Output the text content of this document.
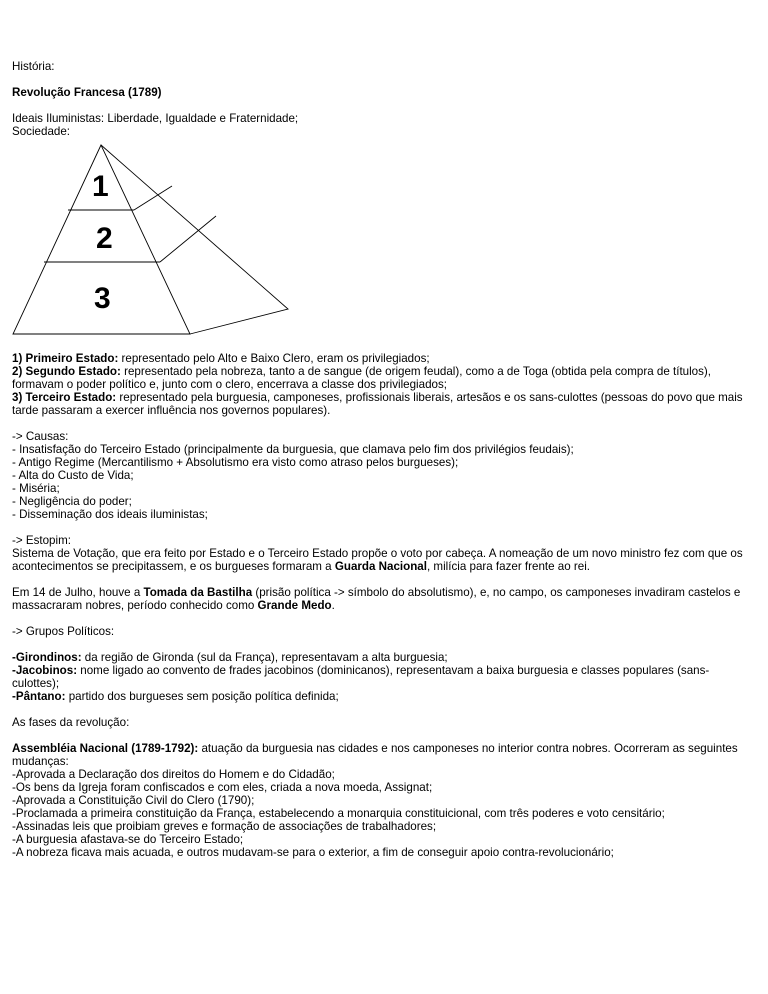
História:

Revolução Francesa (1789)

Ideais Iluministas: Liberdade, Igualdade e Fraternidade;

Sociedade:

1
2
3

1) Primeiro Estado: representado pelo Alto e Baixo Clero, eram os privilegiados;

2) Segundo Estado: representado pela nobreza, tanto a de sangue (de origem feudal), como a de Toga (obtida pela compra de títulos), formavam o poder político e, junto com o clero, encerrava a classe dos privilegiados;

3) Terceiro Estado: representado pela burguesia, camponeses, profissionais liberais, artesãos e os sans-culottes (pessoas do povo que mais tarde passaram a exercer influência nos governos populares).

-> Causas:

- Insatisfação do Terceiro Estado (principalmente da burguesia, que clamava pelo fim dos privilégios feudais);

- Antigo Regime (Mercantilismo + Absolutismo era visto como atraso pelos burgueses);

- Alta do Custo de Vida;

- Miséria;

- Negligência do poder;

- Disseminação dos ideais iluministas;

-> Estopim:

Sistema de Votação, que era feito por Estado e o Terceiro Estado propõe o voto por cabeça. A nomeação de um novo ministro fez com que os acontecimentos se precipitassem, e os burgueses formaram a Guarda Nacional, milícia para fazer frente ao rei.

Em 14 de Julho, houve a Tomada da Bastilha (prisão política -> símbolo do absolutismo), e, no campo, os camponeses invadiram castelos e massacraram nobres, período conhecido como Grande Medo.

-> Grupos Políticos:

-Girondinos: da região de Gironda (sul da França), representavam a alta burguesia;

-Jacobinos: nome ligado ao convento de frades jacobinos (dominicanos), representavam a baixa burguesia e classes populares (sans-culottes);

-Pântano: partido dos burgueses sem posição política definida;

As fases da revolução:

Assembléia Nacional (1789-1792): atuação da burguesia nas cidades e nos camponeses no interior contra nobres. Ocorreram as seguintes mudanças:

-Aprovada a Declaração dos direitos do Homem e do Cidadão;

-Os bens da Igreja foram confiscados e com eles, criada a nova moeda, Assignat;

-Aprovada a Constituição Civil do Clero (1790);

-Proclamada a primeira constituição da França, estabelecendo a monarquia constituicional, com três poderes e voto censitário;

-Assinadas leis que proibiam greves e formação de associações de trabalhadores;

-A burguesia afastava-se do Terceiro Estado;

-A nobreza ficava mais acuada, e outros mudavam-se para o exterior, a fim de conseguir apoio contra-revolucionário;
